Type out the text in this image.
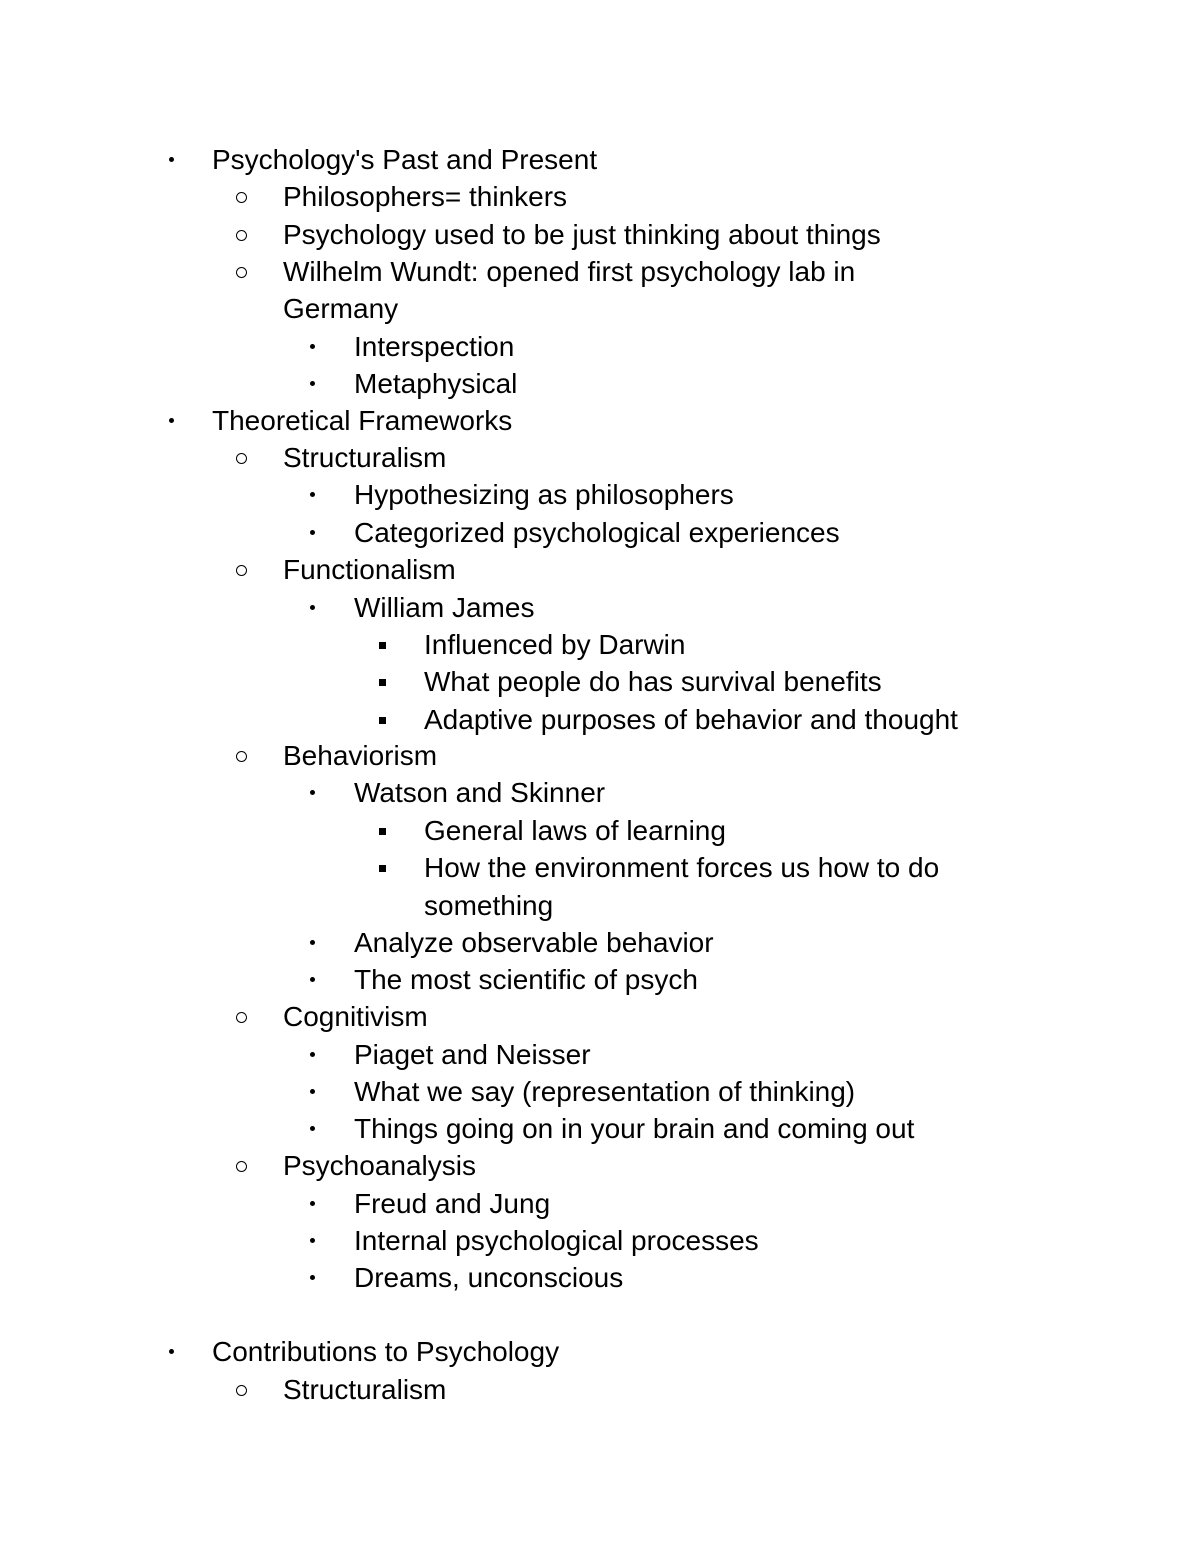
Psychology's Past and Present
Philosophers= thinkers
Psychology used to be just thinking about things
Wilhelm Wundt: opened first psychology lab in
Germany
Interspection
Metaphysical
Theoretical Frameworks
Structuralism
Hypothesizing as philosophers
Categorized psychological experiences
Functionalism
William James
Influenced by Darwin
What people do has survival benefits
Adaptive purposes of behavior and thought
Behaviorism
Watson and Skinner
General laws of learning
How the environment forces us how to do
something
Analyze observable behavior
The most scientific of psych
Cognitivism
Piaget and Neisser
What we say (representation of thinking)
Things going on in your brain and coming out
Psychoanalysis
Freud and Jung
Internal psychological processes
Dreams, unconscious
Contributions to Psychology
Structuralism
